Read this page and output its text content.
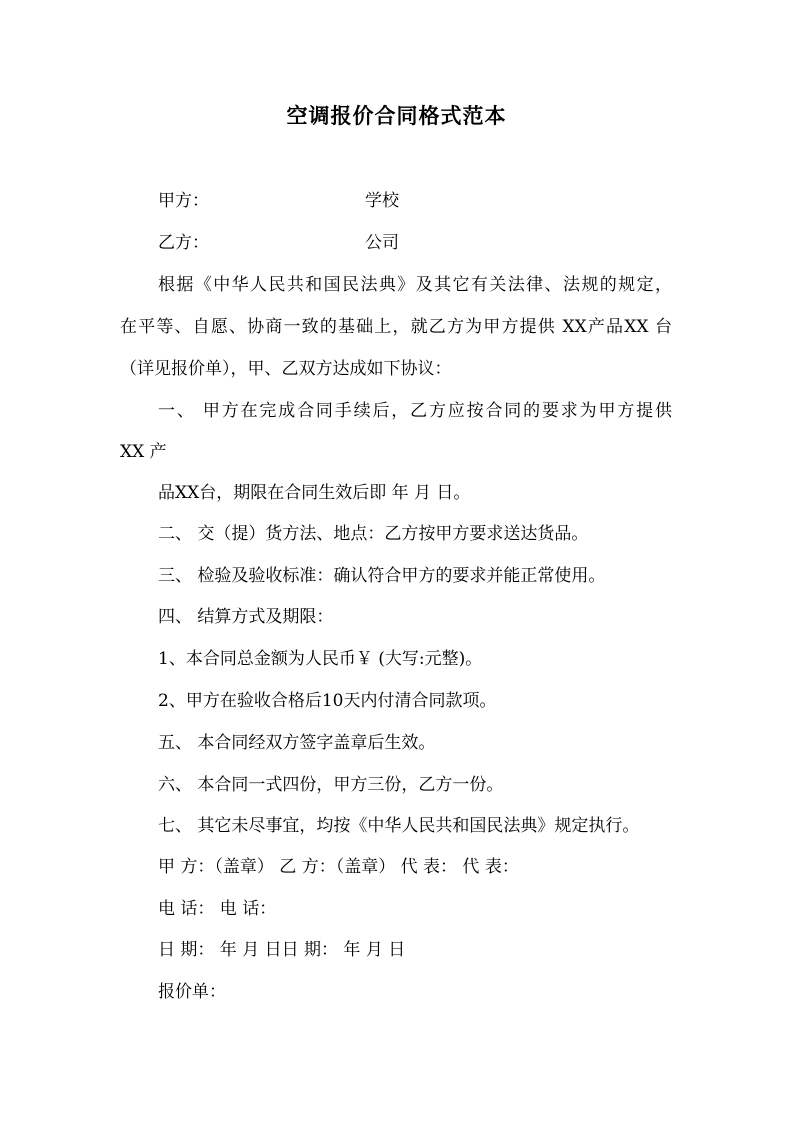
空调报价合同格式范本
甲方：	学校
乙方：	公司
根据《中华人民共和国民法典》及其它有关法律、法规的规定，
在平等、自愿、协商一致的基础上，就乙方为甲方提供 XX产品XX 台
（详见报价单），甲、乙双方达成如下协议：
一、 甲方在完成合同手续后，乙方应按合同的要求为甲方提供
XX 产
品XX台，期限在合同生效后即 年 月 日。
二、 交（提）货方法、地点：乙方按甲方要求送达货品。
三、 检验及验收标准：确认符合甲方的要求并能正常使用。
四、 结算方式及期限：
1、本合同总金额为人民币￥ (大写:元整)。
2、甲方在验收合格后10天内付清合同款项。
五、 本合同经双方签字盖章后生效。
六、 本合同一式四份，甲方三份，乙方一份。
七、 其它未尽事宜，均按《中华人民共和国民法典》规定执行。
甲 方：（盖章） 乙 方：（盖章） 代 表： 代 表：
电 话： 电 话：
日 期： 年 月 日日 期： 年 月 日
报价单：
